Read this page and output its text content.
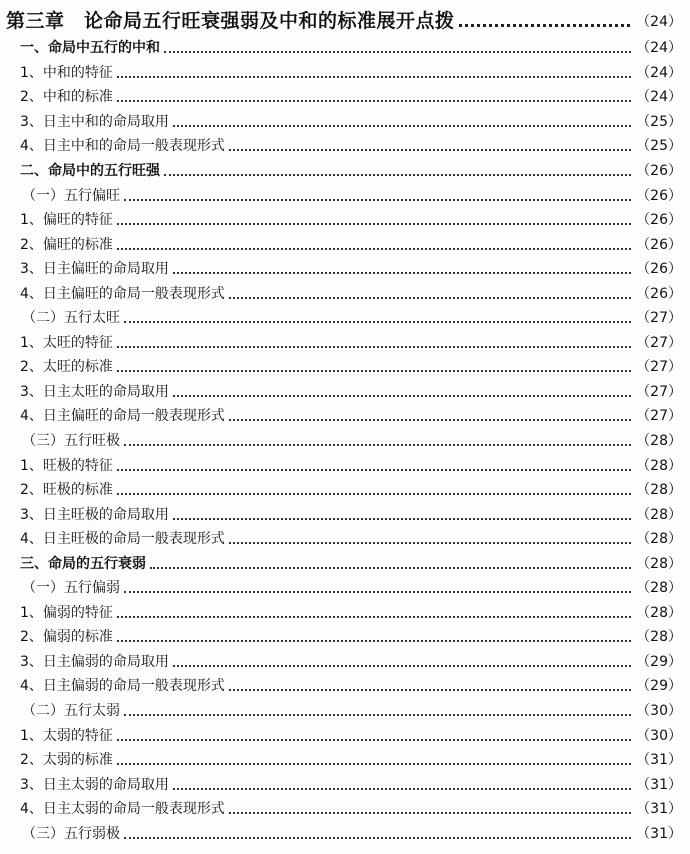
第三章　论命局五行旺衰强弱及中和的标准展开点拨	（24）
一、命局中五行的中和	（24）
1、中和的特征	（24）
2、中和的标准	（24）
3、日主中和的命局取用	（25）
4、日主中和的命局一般表现形式	（25）
二、命局中的五行旺强	（26）
（一）五行偏旺	（26）
1、偏旺的特征	（26）
2、偏旺的标准	（26）
3、日主偏旺的命局取用	（26）
4、日主偏旺的命局一般表现形式	（26）
（二）五行太旺	（27）
1、太旺的特征	（27）
2、太旺的标准	（27）
3、日主太旺的命局取用	（27）
4、日主偏旺的命局一般表现形式	（27）
（三）五行旺极	（28）
1、旺极的特征	（28）
2、旺极的标准	（28）
3、日主旺极的命局取用	（28）
4、日主旺极的命局一般表现形式	（28）
三、命局的五行衰弱	（28）
（一）五行偏弱	（28）
1、偏弱的特征	（28）
2、偏弱的标准	（28）
3、日主偏弱的命局取用	（29）
4、日主偏弱的命局一般表现形式	（29）
（二）五行太弱	（30）
1、太弱的特征	（30）
2、太弱的标准	（31）
3、日主太弱的命局取用	（31）
4、日主太弱的命局一般表现形式	（31）
（三）五行弱极	（31）
